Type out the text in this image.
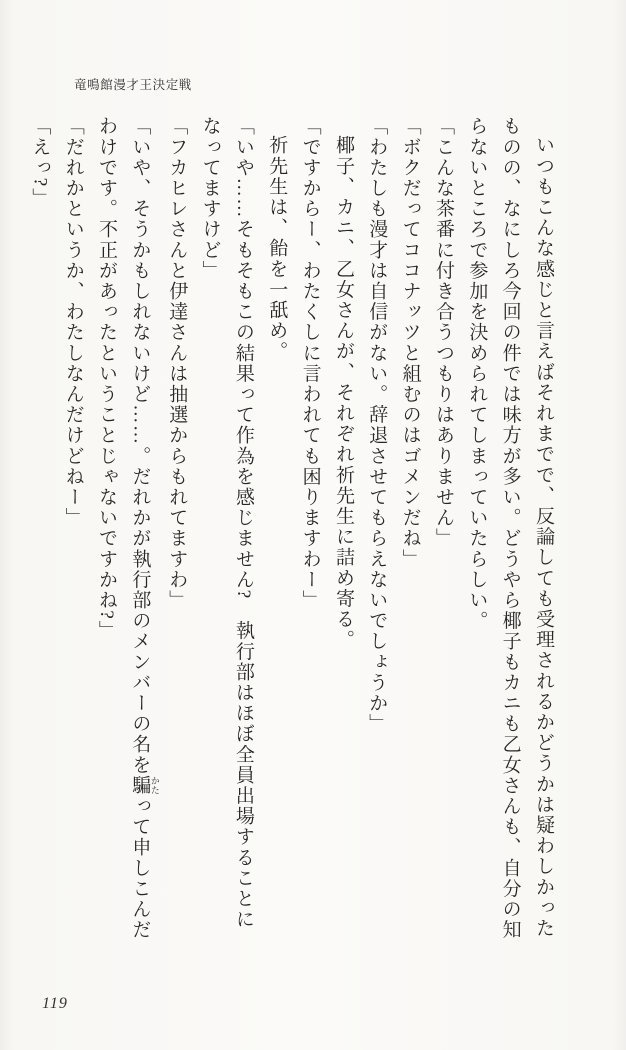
竜鳴館漫才王決定戦

いつもこんな感じと言えばそれまでで、反論しても受理されるかどうかは疑わしかったものの、なにしろ今回の件では味方が多い。どうやら椰子もカニも乙女さんも、自分の知らないところで参加を決められてしまっていたらしい。

「こんな茶番に付き合うつもりはありません」

「ボクだってココナッツと組むのはゴメンだね」

「わたしも漫才は自信がない。辞退させてもらえないでしょうか」

椰子、カニ、乙女さんが、それぞれ祈先生に詰め寄る。

「ですからー、わたくしに言われても困りますわー」

祈先生は、飴を一舐め。

「いや……そもそもこの結果って作為を感じません?　執行部はほぼ全員出場することになってますけど」

「フカヒレさんと伊達さんは抽選からもれてますわ」

「いや、そうかもしれないけど……。だれかが執行部のメンバーの名を騙 かたって申しこんだわけです。不正があったということじゃないですかね?」

「だれかというか、わたしなんだけどねー」

「えっ?」

119
